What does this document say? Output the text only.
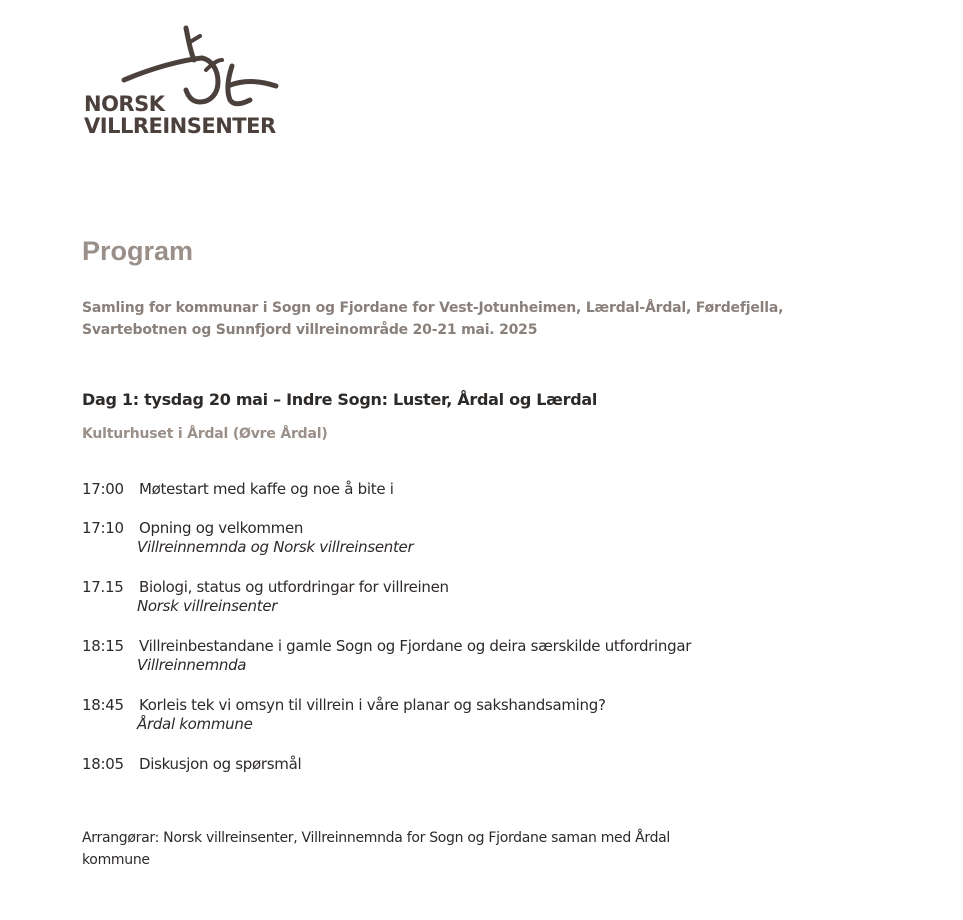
NORSK
VILLREINSENTER
Program
Samling for kommunar i Sogn og Fjordane for Vest-Jotunheimen, Lærdal-Årdal, Førdefjella, Svartebotnen og Sunnfjord villreinområde 20-21 mai. 2025
Dag 1: tysdag 20 mai – Indre Sogn: Luster, Årdal og Lærdal
Kulturhuset i Årdal (Øvre Årdal)
17:00	Møtestart med kaffe og noe å bite i
17:10	Opning og velkommen
Villreinnemnda og Norsk villreinsenter
17.15	Biologi, status og utfordringar for villreinen
Norsk villreinsenter
18:15	Villreinbestandane i gamle Sogn og Fjordane og deira særskilde utfordringar
Villreinnemnda
18:45	Korleis tek vi omsyn til villrein i våre planar og sakshandsaming?
Årdal kommune
18:05	Diskusjon og spørsmål
Arrangørar: Norsk villreinsenter, Villreinnemnda for Sogn og Fjordane saman med Årdal kommune
